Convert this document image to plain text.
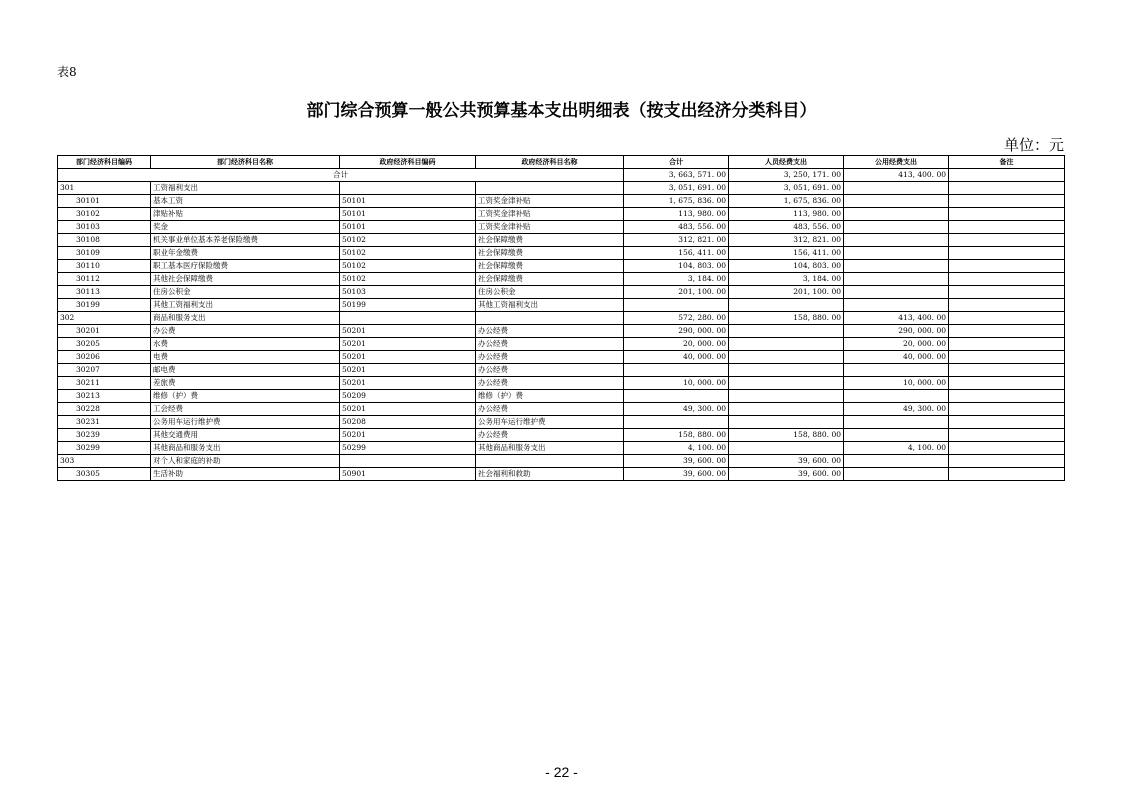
表8
部门综合预算一般公共预算基本支出明细表（按支出经济分类科目）
单位：元
部门经济科目编码	部门经济科目名称	政府经济科目编码	政府经济科目名称	合计	人员经费支出	公用经费支出	备注
合计				3, 663, 571. 00	3, 250, 171. 00	413, 400. 00	
301	工资福利支出			3, 051, 691. 00	3, 051, 691. 00		
30101	基本工资	50101	工资奖金津补贴	1, 675, 836. 00	1, 675, 836. 00		
30102	津贴补贴	50101	工资奖金津补贴	113, 980. 00	113, 980. 00		
30103	奖金	50101	工资奖金津补贴	483, 556. 00	483, 556. 00		
30108	机关事业单位基本养老保险缴费	50102	社会保障缴费	312, 821. 00	312, 821. 00		
30109	职业年金缴费	50102	社会保障缴费	156, 411. 00	156, 411. 00		
30110	职工基本医疗保险缴费	50102	社会保障缴费	104, 803. 00	104, 803. 00		
30112	其他社会保障缴费	50102	社会保障缴费	3, 184. 00	3, 184. 00		
30113	住房公积金	50103	住房公积金	201, 100. 00	201, 100. 00		
30199	其他工资福利支出	50199	其他工资福利支出				
302	商品和服务支出			572, 280. 00	158, 880. 00	413, 400. 00	
30201	办公费	50201	办公经费	290, 000. 00		290, 000. 00	
30205	水费	50201	办公经费	20, 000. 00		20, 000. 00	
30206	电费	50201	办公经费	40, 000. 00		40, 000. 00	
30207	邮电费	50201	办公经费				
30211	差旅费	50201	办公经费	10, 000. 00		10, 000. 00	
30213	维修（护）费	50209	维修（护）费				
30228	工会经费	50201	办公经费	49, 300. 00		49, 300. 00	
30231	公务用车运行维护费	50208	公务用车运行维护费				
30239	其他交通费用	50201	办公经费	158, 880. 00	158, 880. 00		
30299	其他商品和服务支出	50299	其他商品和服务支出	4, 100. 00		4, 100. 00	
303	对个人和家庭的补助			39, 600. 00	39, 600. 00		
30305	生活补助	50901	社会福利和救助	39, 600. 00	39, 600. 00		
- 22 -
